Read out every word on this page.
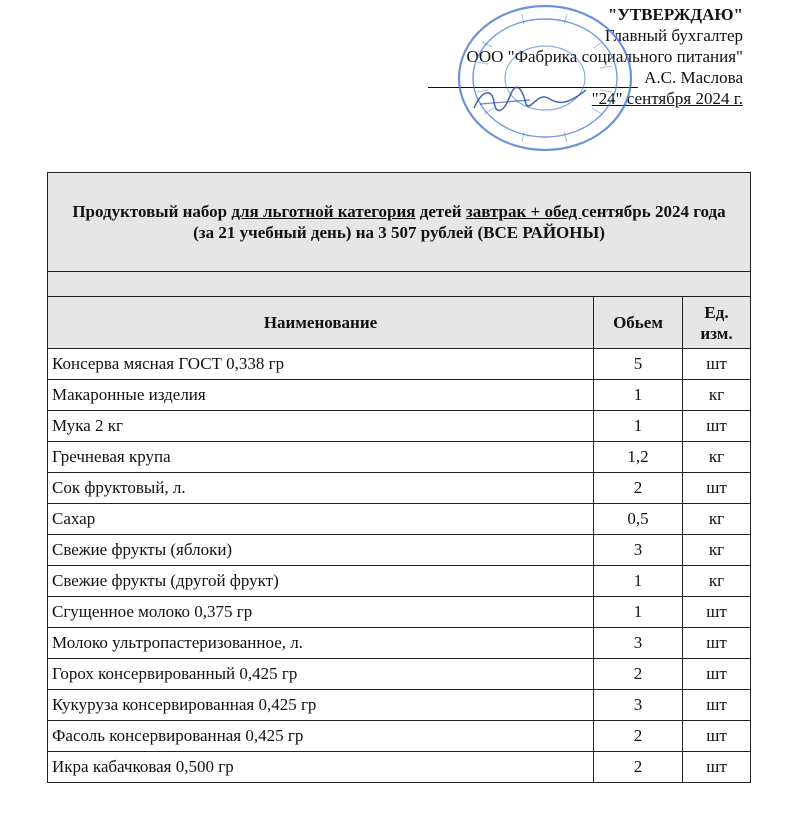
"УТВЕРЖДАЮ"
Главный бухгалтер
ООО "Фабрика социального питания"
А.С. Маслова
"24" сентября 2024 г.
Продуктовый набор для льготной категория детей завтрак + обед сентябрь 2024 года (за 21 учебный день) на 3 507 рублей (ВСЕ РАЙОНЫ)		

Наименование	Обьем	Ед.
изм.
Консерва мясная ГОСТ 0,338 гр	5	шт
Макаронные изделия	1	кг
Мука 2 кг	1	шт
Гречневая крупа	1,2	кг
Сок фруктовый, л.	2	шт
Сахар	0,5	кг
Свежие фрукты (яблоки)	3	кг
Свежие фрукты (другой фрукт)	1	кг
Сгущенное молоко 0,375 гр	1	шт
Молоко ультропастеризованное, л.	3	шт
Горох консервированный 0,425 гр	2	шт
Кукуруза консервированная 0,425 гр	3	шт
Фасоль консервированная 0,425 гр	2	шт
Икра кабачковая 0,500 гр	2	шт
